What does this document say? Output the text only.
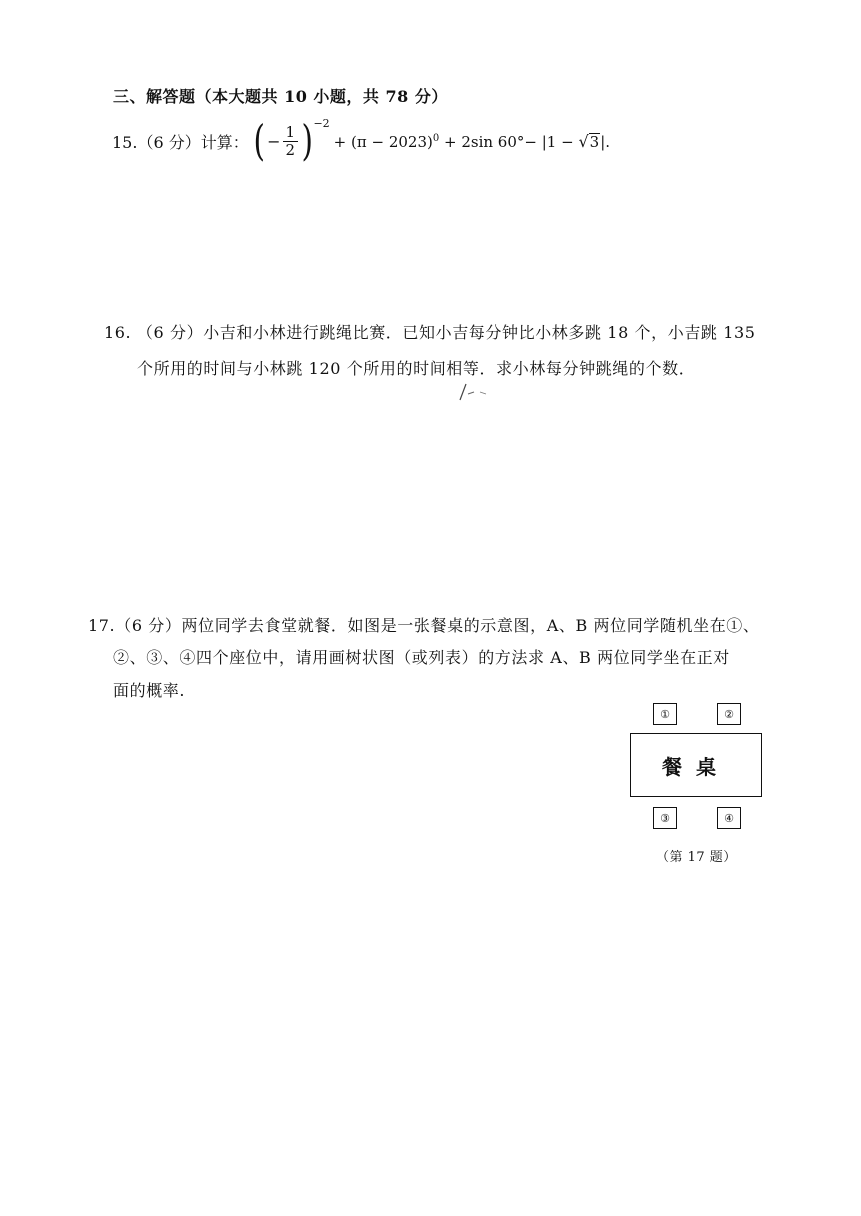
三、解答题（本大题共 10 小题，共 78 分）
15.（6 分）计算： ( − $\frac{1}{2}$ ) −2
+ $(\pi - 2023)^0 + 2\sin$ 60°− |1 − √ 3 |.
16. （6 分）小吉和小林进行跳绳比赛．已知小吉每分钟比小林多跳 18 个，小吉跳 135
个所用的时间与小林跳 120 个所用的时间相等．求小林每分钟跳绳的个数．
17.（6 分）两位同学去食堂就餐．如图是一张餐桌的示意图，A、B 两位同学随机坐在①、
②、③、④四个座位中，请用画树状图（或列表）的方法求 A、B 两位同学坐在正对
面的概率.
①	②
餐桌
③	④
（第 17 题）
